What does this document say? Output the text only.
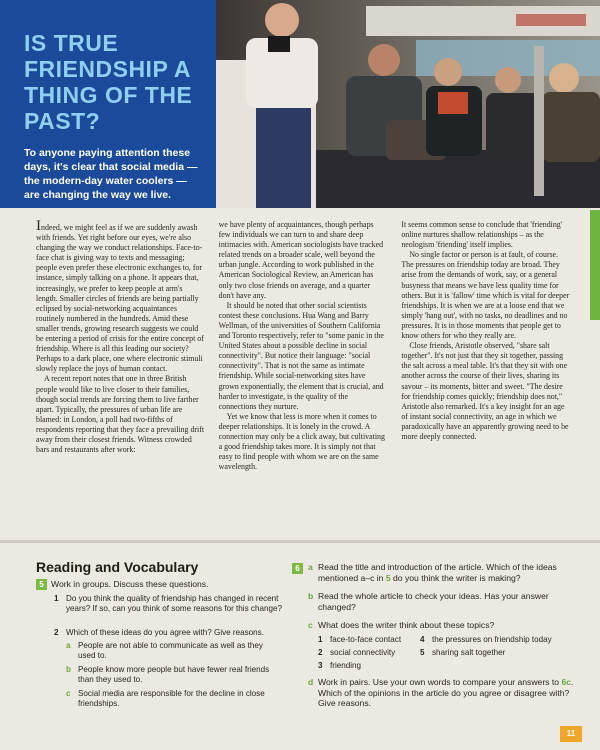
IS TRUE FRIENDSHIP A THING OF THE PAST?

To anyone paying attention these days, it's clear that social media — the modern-day water coolers — are changing the way we live.

Indeed, we might feel as if we are suddenly awash with friends. Yet right before our eyes, we're also changing the way we conduct relationships. Face-to-face chat is giving way to texts and messaging; people even prefer these electronic exchanges to, for instance, simply talking on a phone. It appears that, increasingly, we prefer to keep people at arm's length. Smaller circles of friends are being partially eclipsed by social-networking acquaintances routinely numbered in the hundreds. Amid these smaller trends, growing research suggests we could be entering a period of crisis for the entire concept of friendship. Where is all this leading our society? Perhaps to a dark place, one where electronic stimuli slowly replace the joys of human contact.

A recent report notes that one in three British people would like to live closer to their families, though social trends are forcing them to live farther apart. Typically, the pressures of urban life are blamed: in London, a poll had two-fifths of respondents reporting that they face a prevailing drift away from their closest friends. Witness crowded bars and restaurants after work:

we have plenty of acquaintances, though perhaps few individuals we can turn to and share deep intimacies with. American sociologists have tracked related trends on a broader scale, well beyond the urban jungle. According to work published in the American Sociological Review, an American has only two close friends on average, and a quarter don't have any.

It should be noted that other social scientists contest these conclusions. Hua Wang and Barry Wellman, of the universities of Southern California and Toronto respectively, refer to "some panic in the United States about a possible decline in social connectivity". But notice their language: "social connectivity". That is not the same as intimate friendship. While social-networking sites have grown exponentially, the element that is crucial, and harder to investigate, is the quality of the connections they nurture.

Yet we know that less is more when it comes to deeper relationships. It is lonely in the crowd. A connection may only be a click away, but cultivating a good friendship takes more. It is simply not that easy to find people with whom we are on the same wavelength.

It seems common sense to conclude that 'friending' online nurtures shallow relationships – as the neologism 'friending' itself implies.

No single factor or person is at fault, of course. The pressures on friendship today are broad. They arise from the demands of work, say, or a general busyness that means we have less quality time for others. But it is 'fallow' time which is vital for deeper friendships. It is when we are at a loose end that we simply 'hang out', with no tasks, no deadlines and no pressures. It is in those moments that people get to know others for who they really are.

Close friends, Aristotle observed, "share salt together". It's not just that they sit together, passing the salt across a meal table. It's that they sit with one another across the course of their lives, sharing its savour – its moments, bitter and sweet. "The desire for friendship comes quickly; friendship does not," Aristotle also remarked. It's a key insight for an age of instant social connectivity, an age in which we paradoxically have an apparently growing need to be more deeply connected.

Reading and Vocabulary
5 Work in groups. Discuss these questions.
1 Do you think the quality of friendship has changed in recent years? If so, can you think of some reasons for this change?
2 Which of these ideas do you agree with? Give reasons.
a People are not able to communicate as well as they used to.
b People know more people but have fewer real friends than they used to.
c Social media are responsible for the decline in close friendships.
6 a Read the title and introduction of the article. Which of the ideas mentioned a–c in 5 do you think the writer is making?
b Read the whole article to check your ideas. Has your answer changed?
c What does the writer think about these topics?
1 face-to-face contact
2 social connectivity
3 friending
4 the pressures on friendship today
5 sharing salt together
d Work in pairs. Use your own words to compare your answers to 6c. Which of the opinions in the article do you agree or disagree with? Give reasons.
11
